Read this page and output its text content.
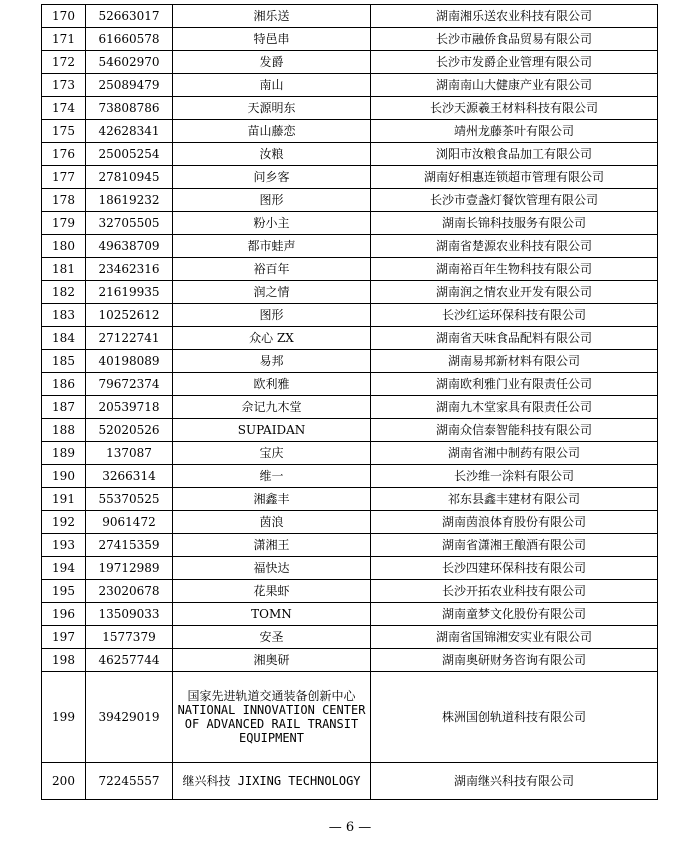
170	52663017	湘乐送	湖南湘乐送农业科技有限公司
171	61660578	特邑串	长沙市融侨食品贸易有限公司
172	54602970	发爵	长沙市发爵企业管理有限公司
173	25089479	南山	湖南南山大健康产业有限公司
174	73808786	天源明东	长沙天源羲王材料科技有限公司
175	42628341	苗山藤恋	靖州龙藤茶叶有限公司
176	25005254	汝粮	浏阳市汝粮食品加工有限公司
177	27810945	问乡客	湖南好相惠连锁超市管理有限公司
178	18619232	图形	长沙市壹盏灯餐饮管理有限公司
179	32705505	粉小主	湖南长锦科技服务有限公司
180	49638709	都市蛙声	湖南省楚源农业科技有限公司
181	23462316	裕百年	湖南裕百年生物科技有限公司
182	21619935	润之情	湖南润之情农业开发有限公司
183	10252612	图形	长沙红运环保科技有限公司
184	27122741	众心 ZX	湖南省天味食品配料有限公司
185	40198089	易邦	湖南易邦新材料有限公司
186	79672374	欧利雅	湖南欧利雅门业有限责任公司
187	20539718	佘记九木堂	湖南九木堂家具有限责任公司
188	52020526	SUPAIDAN	湖南众信泰智能科技有限公司
189	137087	宝庆	湖南省湘中制药有限公司
190	3266314	维一	长沙维一涂料有限公司
191	55370525	湘鑫丰	祁东县鑫丰建材有限公司
192	9061472	茵浪	湖南茵浪体育股份有限公司
193	27415359	潇湘王	湖南省潇湘王酿酒有限公司
194	19712989	福快达	长沙四建环保科技有限公司
195	23020678	花果虾	长沙开拓农业科技有限公司
196	13509033	TOMN	湖南童梦文化股份有限公司
197	1577379	安圣	湖南省国锦湘安实业有限公司
198	46257744	湘奥研	湖南奥研财务咨询有限公司
199	39429019	国家先进轨道交通装备创新中心 NATIONAL INNOVATION CENTER OF ADVANCED RAIL TRANSIT EQUIPMENT	株洲国创轨道科技有限公司
200	72245557	继兴科技 JIXING TECHNOLOGY	湖南继兴科技有限公司
— 6 —
